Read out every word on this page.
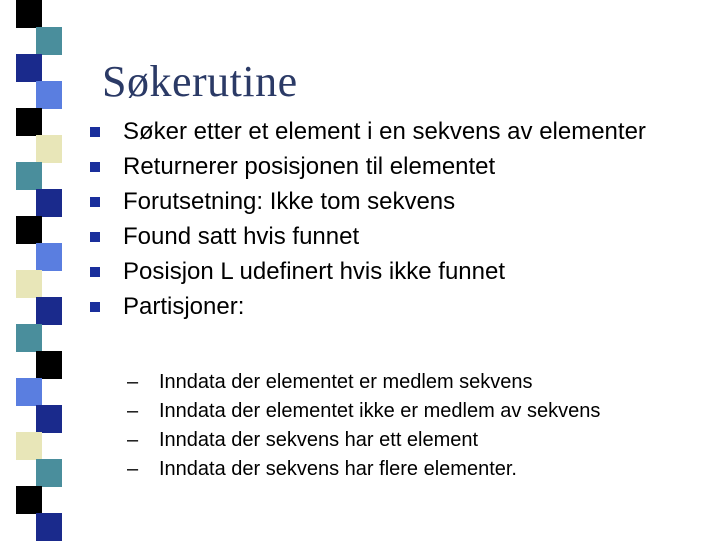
Søkerutine
Søker etter et element i en sekvens av elementer
Returnerer posisjonen til elementet
Forutsetning: Ikke tom sekvens
Found satt hvis funnet
Posisjon L udefinert hvis ikke funnet
Partisjoner:
– Inndata der elementet er medlem sekvens
– Inndata der elementet ikke er medlem av sekvens
– Inndata der sekvens har ett element
– Inndata der sekvens har flere elementer.
